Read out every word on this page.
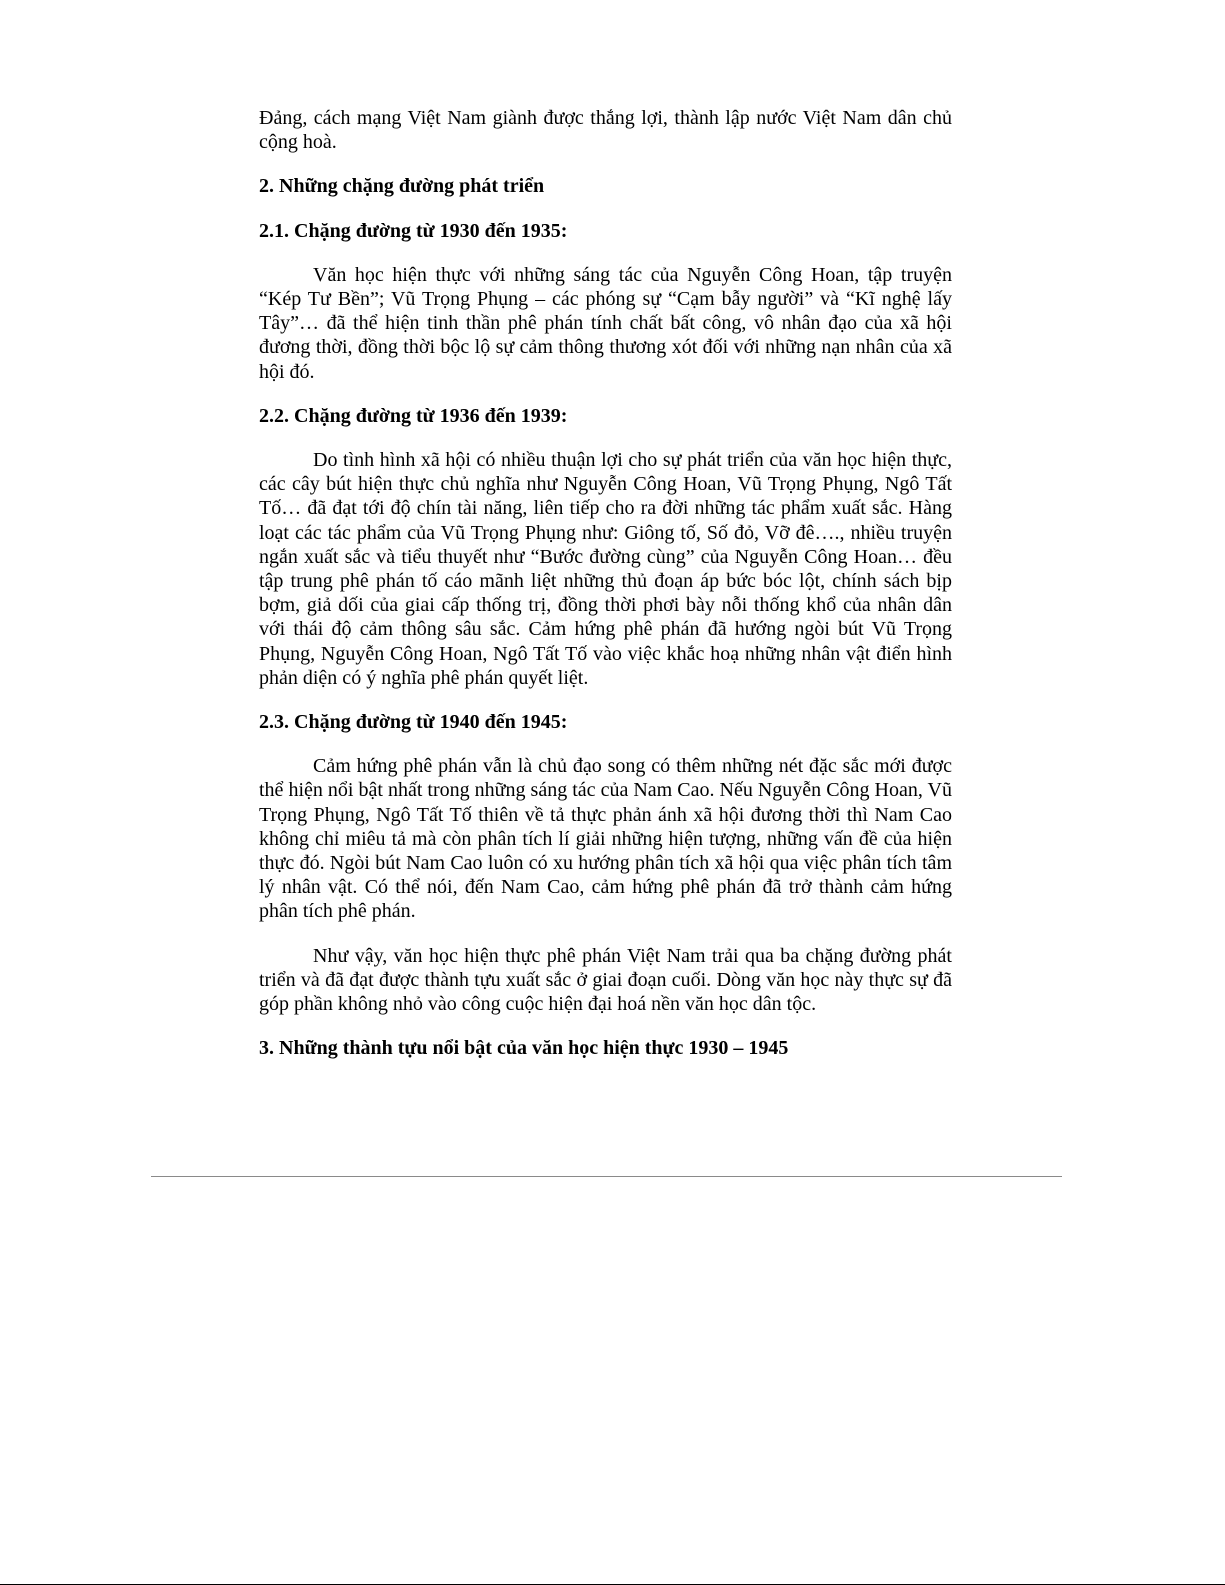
Đảng, cách mạng Việt Nam giành được thắng lợi, thành lập nước Việt Nam dân chủ cộng hoà.

2. Những chặng đường phát triển
2.1. Chặng đường từ 1930 đến 1935:

Văn học hiện thực với những sáng tác của Nguyễn Công Hoan, tập truyện “Kép Tư Bền”; Vũ Trọng Phụng – các phóng sự “Cạm bẫy người” và “Kĩ nghệ lấy Tây”… đã thể hiện tinh thần phê phán tính chất bất công, vô nhân đạo của xã hội đương thời, đồng thời bộc lộ sự cảm thông thương xót đối với những nạn nhân của xã hội đó.

2.2. Chặng đường từ 1936 đến 1939:

Do tình hình xã hội có nhiều thuận lợi cho sự phát triển của văn học hiện thực, các cây bút hiện thực chủ nghĩa như Nguyễn Công Hoan, Vũ Trọng Phụng, Ngô Tất Tố… đã đạt tới độ chín tài năng, liên tiếp cho ra đời những tác phẩm xuất sắc. Hàng loạt các tác phẩm của Vũ Trọng Phụng như: Giông tố, Số đỏ, Vỡ đê…., nhiều truyện ngắn xuất sắc và tiểu thuyết như “Bước đường cùng” của Nguyễn Công Hoan… đều tập trung phê phán tố cáo mãnh liệt những thủ đoạn áp bức bóc lột, chính sách bịp bợm, giả dối của giai cấp thống trị, đồng thời phơi bày nỗi thống khổ của nhân dân với thái độ cảm thông sâu sắc. Cảm hứng phê phán đã hướng ngòi bút Vũ Trọng Phụng, Nguyễn Công Hoan, Ngô Tất Tố vào việc khắc hoạ những nhân vật điển hình phản diện có ý nghĩa phê phán quyết liệt.

2.3. Chặng đường từ 1940 đến 1945:

Cảm hứng phê phán vẫn là chủ đạo song có thêm những nét đặc sắc mới được thể hiện nổi bật nhất trong những sáng tác của Nam Cao. Nếu Nguyễn Công Hoan, Vũ Trọng Phụng, Ngô Tất Tố thiên về tả thực phản ánh xã hội đương thời thì Nam Cao không chỉ miêu tả mà còn phân tích lí giải những hiện tượng, những vấn đề của hiện thực đó. Ngòi bút Nam Cao luôn có xu hướng phân tích xã hội qua việc phân tích tâm lý nhân vật. Có thể nói, đến Nam Cao, cảm hứng phê phán đã trở thành cảm hứng phân tích phê phán.

Như vậy, văn học hiện thực phê phán Việt Nam trải qua ba chặng đường phát triển và đã đạt được thành tựu xuất sắc ở giai đoạn cuối. Dòng văn học này thực sự đã góp phần không nhỏ vào công cuộc hiện đại hoá nền văn học dân tộc.

3. Những thành tựu nổi bật của văn học hiện thực 1930 – 1945
